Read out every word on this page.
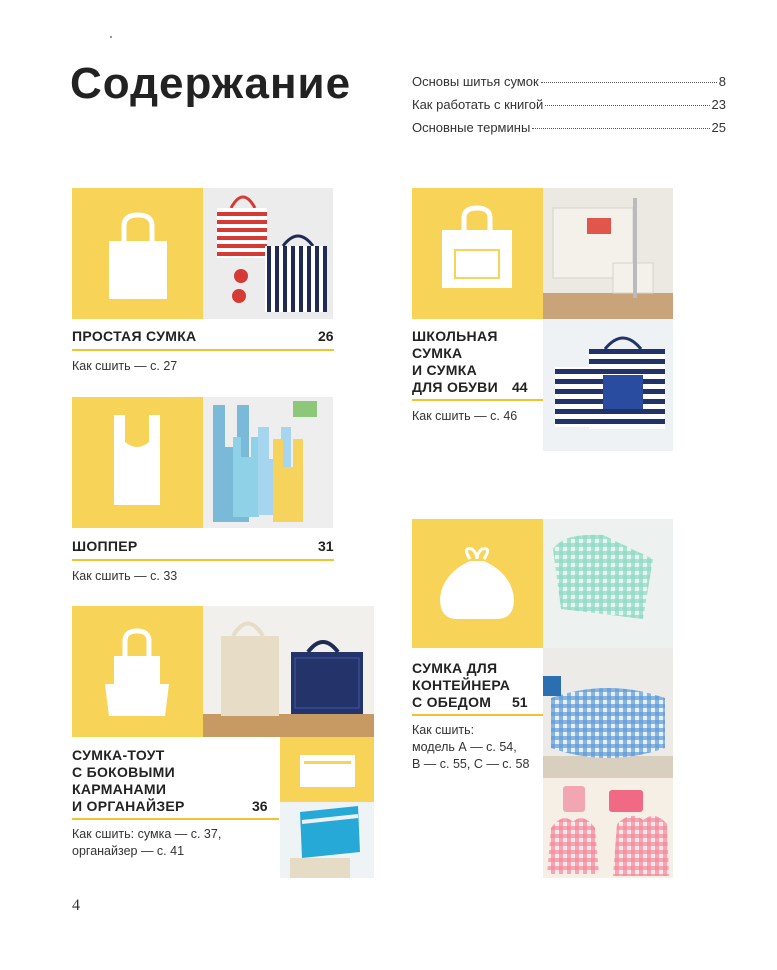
Содержание	Основы шитья сумок	8
Как работать с книгой	23
Основные термины	25
ПРОСТАЯ СУМКА	26
Как сшить — с. 27
ШОППЕР	31
Как сшить — с. 33
СУМКА-ТОУТ
С БОКОВЫМИ
КАРМАНАМИ
И ОРГАНАЙЗЕР	36
Как сшить: сумка — с. 37,
органайзер — с. 41
ШКОЛЬНАЯ
СУМКА
И СУМКА
ДЛЯ ОБУВИ 44
Как сшить — с. 46
СУМКА ДЛЯ
КОНТЕЙНЕРА
С ОБЕДОМ	51
Как сшить:
модель А — с. 54,
В — с. 55, С — с. 58
4
